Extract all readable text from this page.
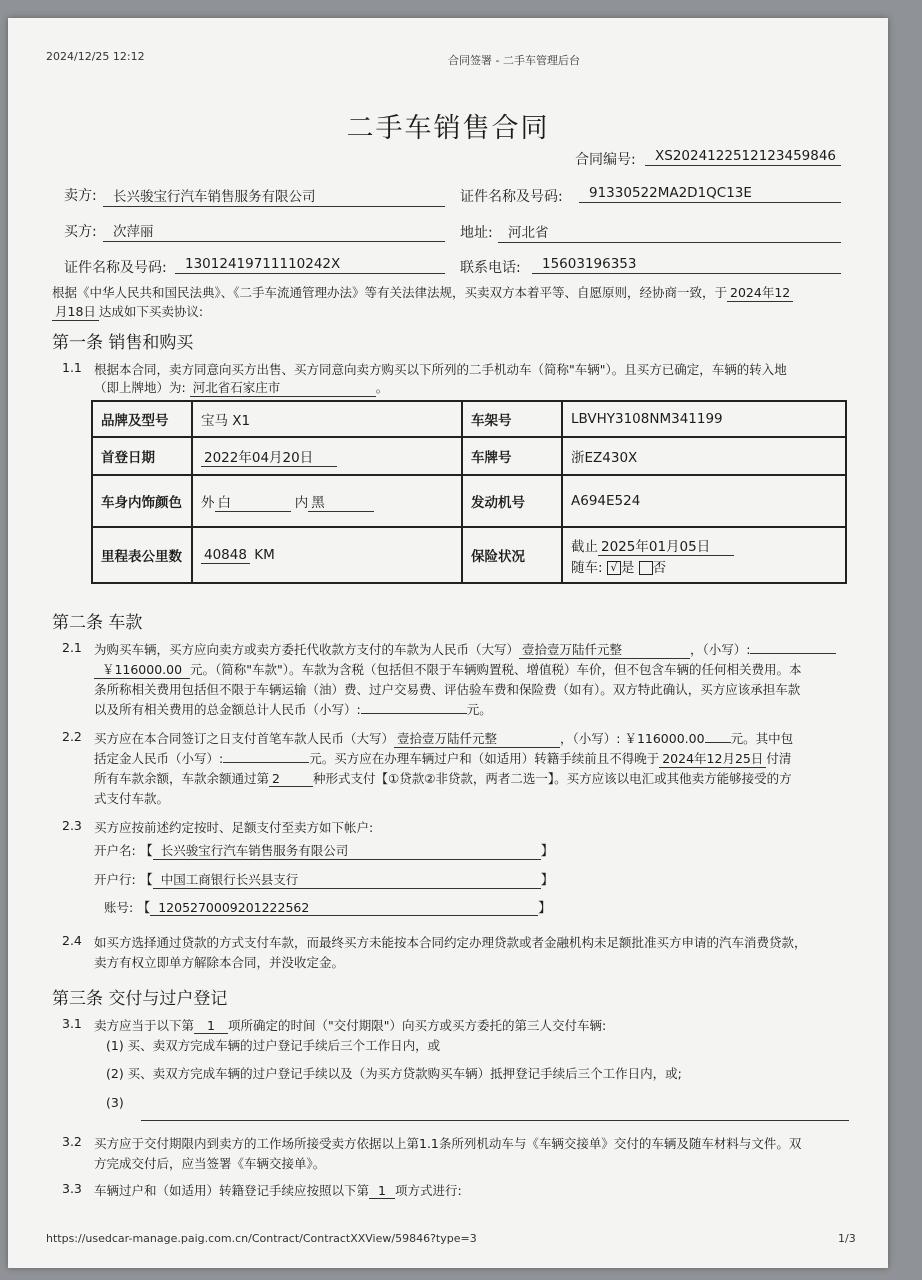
2024/12/25 12:12	合同签署 - 二手车管理后台
二手车销售合同
合同编号:	XS20241225121234598​46
卖方:	长兴骏宝行汽车销售服务有限公司	证件名称及号码:	91330522MA2D1QC13E
买方:	次萍丽	地址:	河北省
证件名称及号码:	13012419711110242X	联系电话:	15603196353
根据《中华人民共和国民法典》、《二手车流通管理办法》等有关法律法规，买卖双方本着平等、自愿原则，经协商一致，于 2024年12
月18日 达成如下买卖协议:
第一条 销售和购买
1.1 根据本合同，卖方同意向买方出售、买方同意向卖方购买以下所列的二手机动车（简称"车辆"）。且买方已确定，车辆的转入地
（即上牌地）为: 河北省石家庄市	。
品牌及型号	宝马 X1	车架号	LBVHY3108NM341199
首登日期	2022年04月20日	车牌号	浙EZ430X
车身内饰颜色	外 白 内 黑	发动机号	A694E524
里程表公里数	40848 KM	保险状况	截止 2025年01月05日
随车: √ 是 否
第二条 车款
2.1 为购买车辆，买方应向卖方或卖方委托代收款方支付的车款为人民币（大写） 壹拾壹万陆仟元整	，（小写）:
￥116000.00 元。（简称"车款"）。车款为含税（包括但不限于车辆购置税、增值税）车价，但不包含车辆的任何相关费用。本
条所称相关费用包括但不限于车辆运输（油）费、过户交易费、评估验车费和保险费（如有）。双方特此确认，买方应该承担车款
以及所有相关费用的总金额总计人民币（小写）:	元。
2.2 买方应在本合同签订之日支付首笔车款人民币（大写） 壹拾壹万陆仟元整	，（小写）: ￥116000.00 元。其中包
括定金人民币（小写）:	元。买方应在办理车辆过户和（如适用）转籍手续前且不得晚于 2024年12月25日 付清
所有车款余额，车款余额通过第 2	种形式支付【①贷款②非贷款，两者二选一】。买方应该以电汇或其他卖方能够接受的方
式支付车款。
2.3 买方应按前述约定按时、足额支付至卖方如下帐户:
开户名: 【 长兴骏宝行汽车销售服务有限公司	】
开户行: 【 中国工商银行长兴县支行	】
账号: 【 1205270009201222562	】
2.4 如买方选择通过贷款的方式支付车款，而最终买方未能按本合同约定办理贷款或者金融机构未足额批准买方申请的汽车消费贷款，
卖方有权立即单方解除本合同，并没收定金。
第三条 交付与过户登记
3.1 卖方应当于以下第 1 项所确定的时间（"交付期限"）向买方或买方委托的第三人交付车辆:
(1) 买、卖双方完成车辆的过户登记手续后三个工作日内，或
(2) 买、卖双方完成车辆的过户登记手续以及（为买方贷款购买车辆）抵押登记手续后三个工作日内，或;
(3)
3.2 买方应于交付期限内到卖方的工作场所接受卖方依据以上第1.1条所列机动车与《车辆交接单》交付的车辆及随车材料与文件。双
方完成交付后，应当签署《车辆交接单》。
3.3 车辆过户和（如适用）转籍登记手续应按照以下第 1 项方式进行:
https://usedcar-manage.paig.com.cn/Contract/ContractXXView/59846?type=3	1/3
